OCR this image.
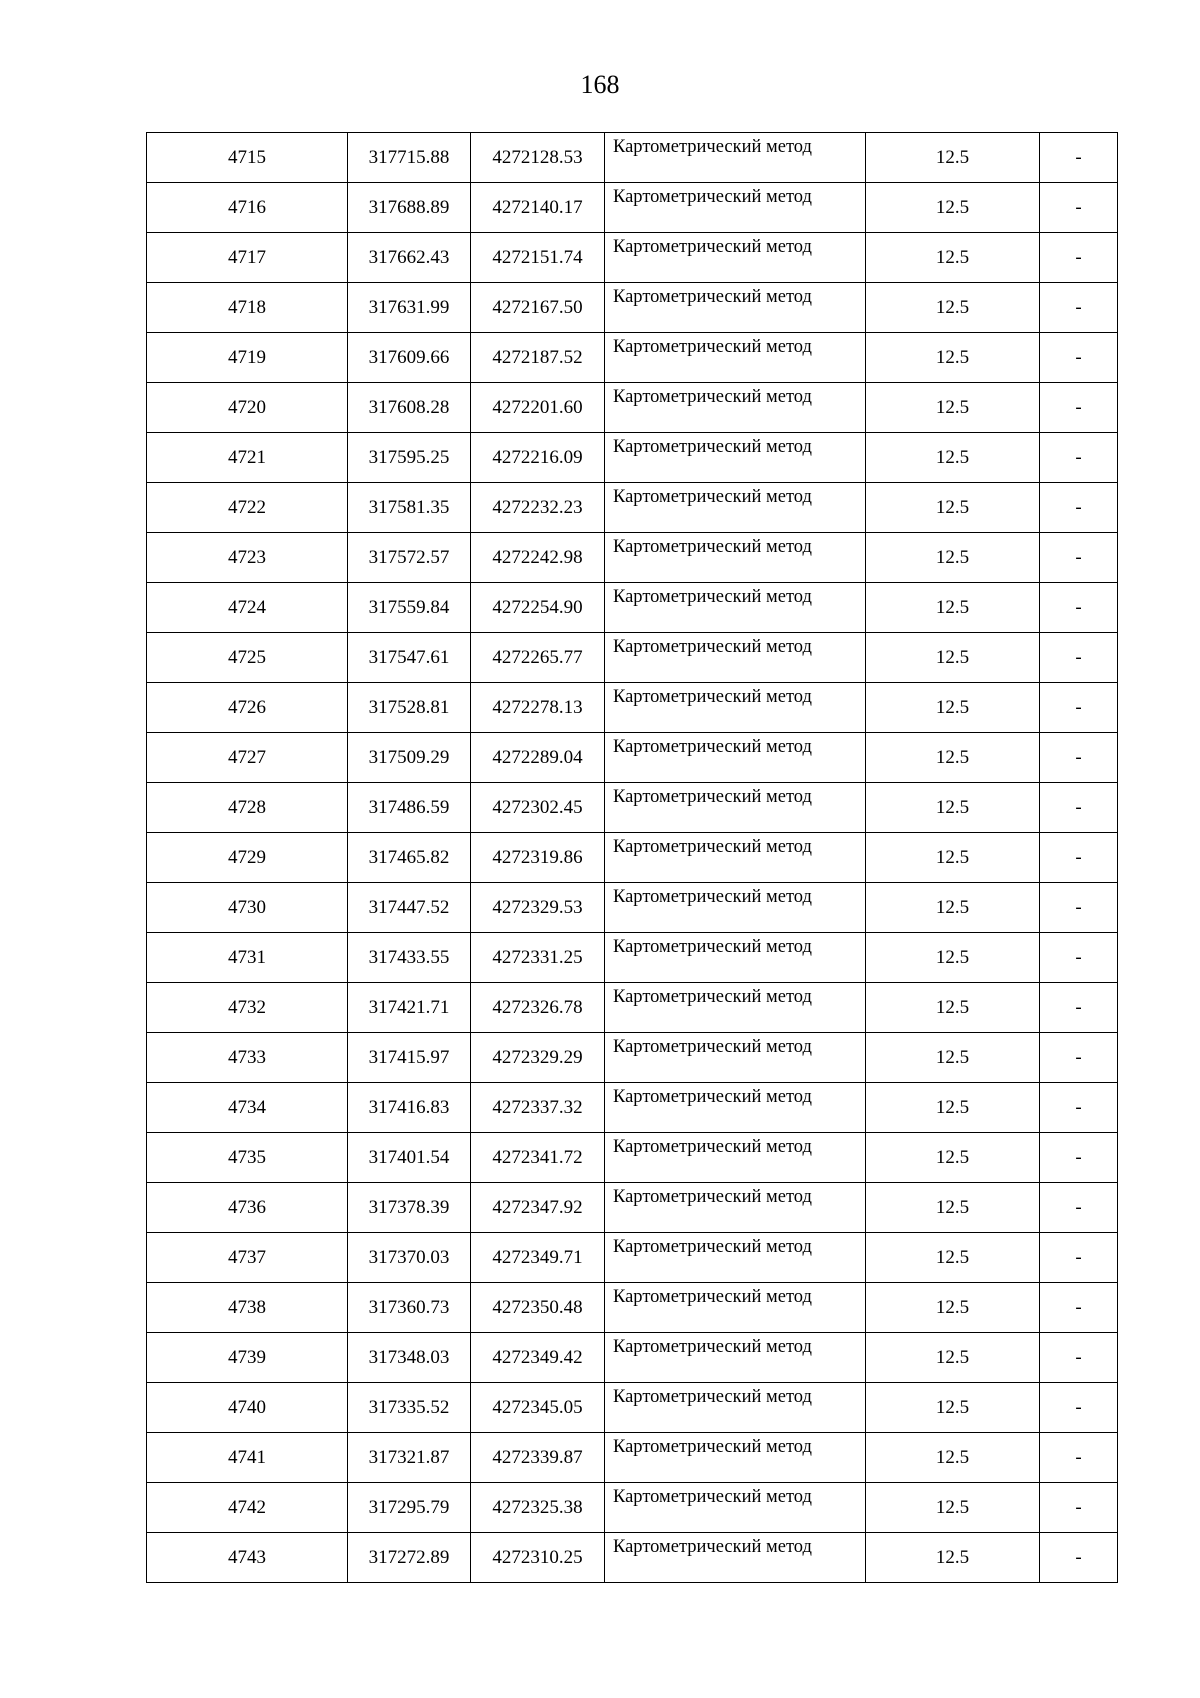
168
4715	317715.88	4272128.53	Картометрический метод	12.5	-
4716	317688.89	4272140.17	Картометрический метод	12.5	-
4717	317662.43	4272151.74	Картометрический метод	12.5	-
4718	317631.99	4272167.50	Картометрический метод	12.5	-
4719	317609.66	4272187.52	Картометрический метод	12.5	-
4720	317608.28	4272201.60	Картометрический метод	12.5	-
4721	317595.25	4272216.09	Картометрический метод	12.5	-
4722	317581.35	4272232.23	Картометрический метод	12.5	-
4723	317572.57	4272242.98	Картометрический метод	12.5	-
4724	317559.84	4272254.90	Картометрический метод	12.5	-
4725	317547.61	4272265.77	Картометрический метод	12.5	-
4726	317528.81	4272278.13	Картометрический метод	12.5	-
4727	317509.29	4272289.04	Картометрический метод	12.5	-
4728	317486.59	4272302.45	Картометрический метод	12.5	-
4729	317465.82	4272319.86	Картометрический метод	12.5	-
4730	317447.52	4272329.53	Картометрический метод	12.5	-
4731	317433.55	4272331.25	Картометрический метод	12.5	-
4732	317421.71	4272326.78	Картометрический метод	12.5	-
4733	317415.97	4272329.29	Картометрический метод	12.5	-
4734	317416.83	4272337.32	Картометрический метод	12.5	-
4735	317401.54	4272341.72	Картометрический метод	12.5	-
4736	317378.39	4272347.92	Картометрический метод	12.5	-
4737	317370.03	4272349.71	Картометрический метод	12.5	-
4738	317360.73	4272350.48	Картометрический метод	12.5	-
4739	317348.03	4272349.42	Картометрический метод	12.5	-
4740	317335.52	4272345.05	Картометрический метод	12.5	-
4741	317321.87	4272339.87	Картометрический метод	12.5	-
4742	317295.79	4272325.38	Картометрический метод	12.5	-
4743	317272.89	4272310.25	Картометрический метод	12.5	-
